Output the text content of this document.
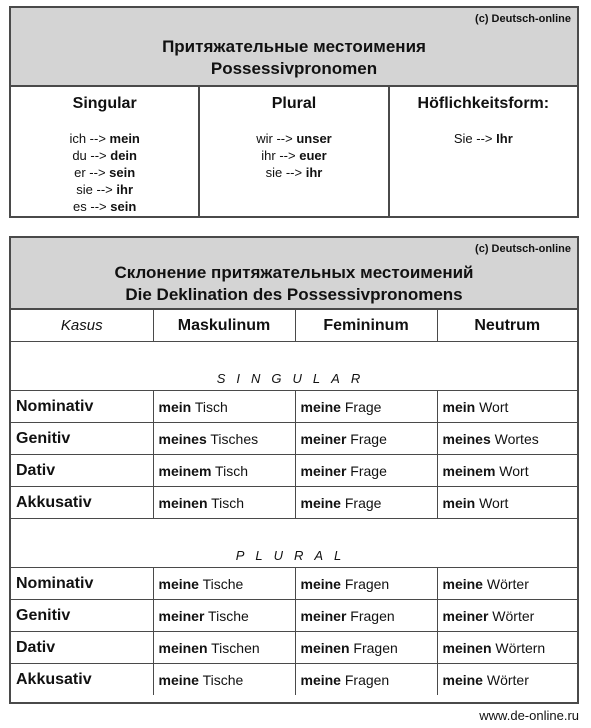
(c) Deutsch-online
Притяжательные местоимения
Possessivpronomen
Singular
ich --> mein
du --> dein
er --> sein
sie --> ihr
es --> sein
Plural
wir --> unser
ihr --> euer
sie --> ihr
Höflichkeitsform:
Sie --> Ihr
(c) Deutsch-online
Склонение притяжательных местоимений
Die Deklination des Possessivpronomens
Kasus	Maskulinum	Femininum	Neutrum
SINGULAR			
Nominativ	mein Tisch	meine Frage	mein Wort
Genitiv	meines Tisches	meiner Frage	meines Wortes
Dativ	meinem Tisch	meiner Frage	meinem Wort
Akkusativ	meinen Tisch	meine Frage	mein Wort
PLURAL			
Nominativ	meine Tische	meine Fragen	meine Wörter
Genitiv	meiner Tische	meiner Fragen	meiner Wörter
Dativ	meinen Tischen	meinen Fragen	meinen Wörtern
Akkusativ	meine Tische	meine Fragen	meine Wörter
www.de-online.ru
